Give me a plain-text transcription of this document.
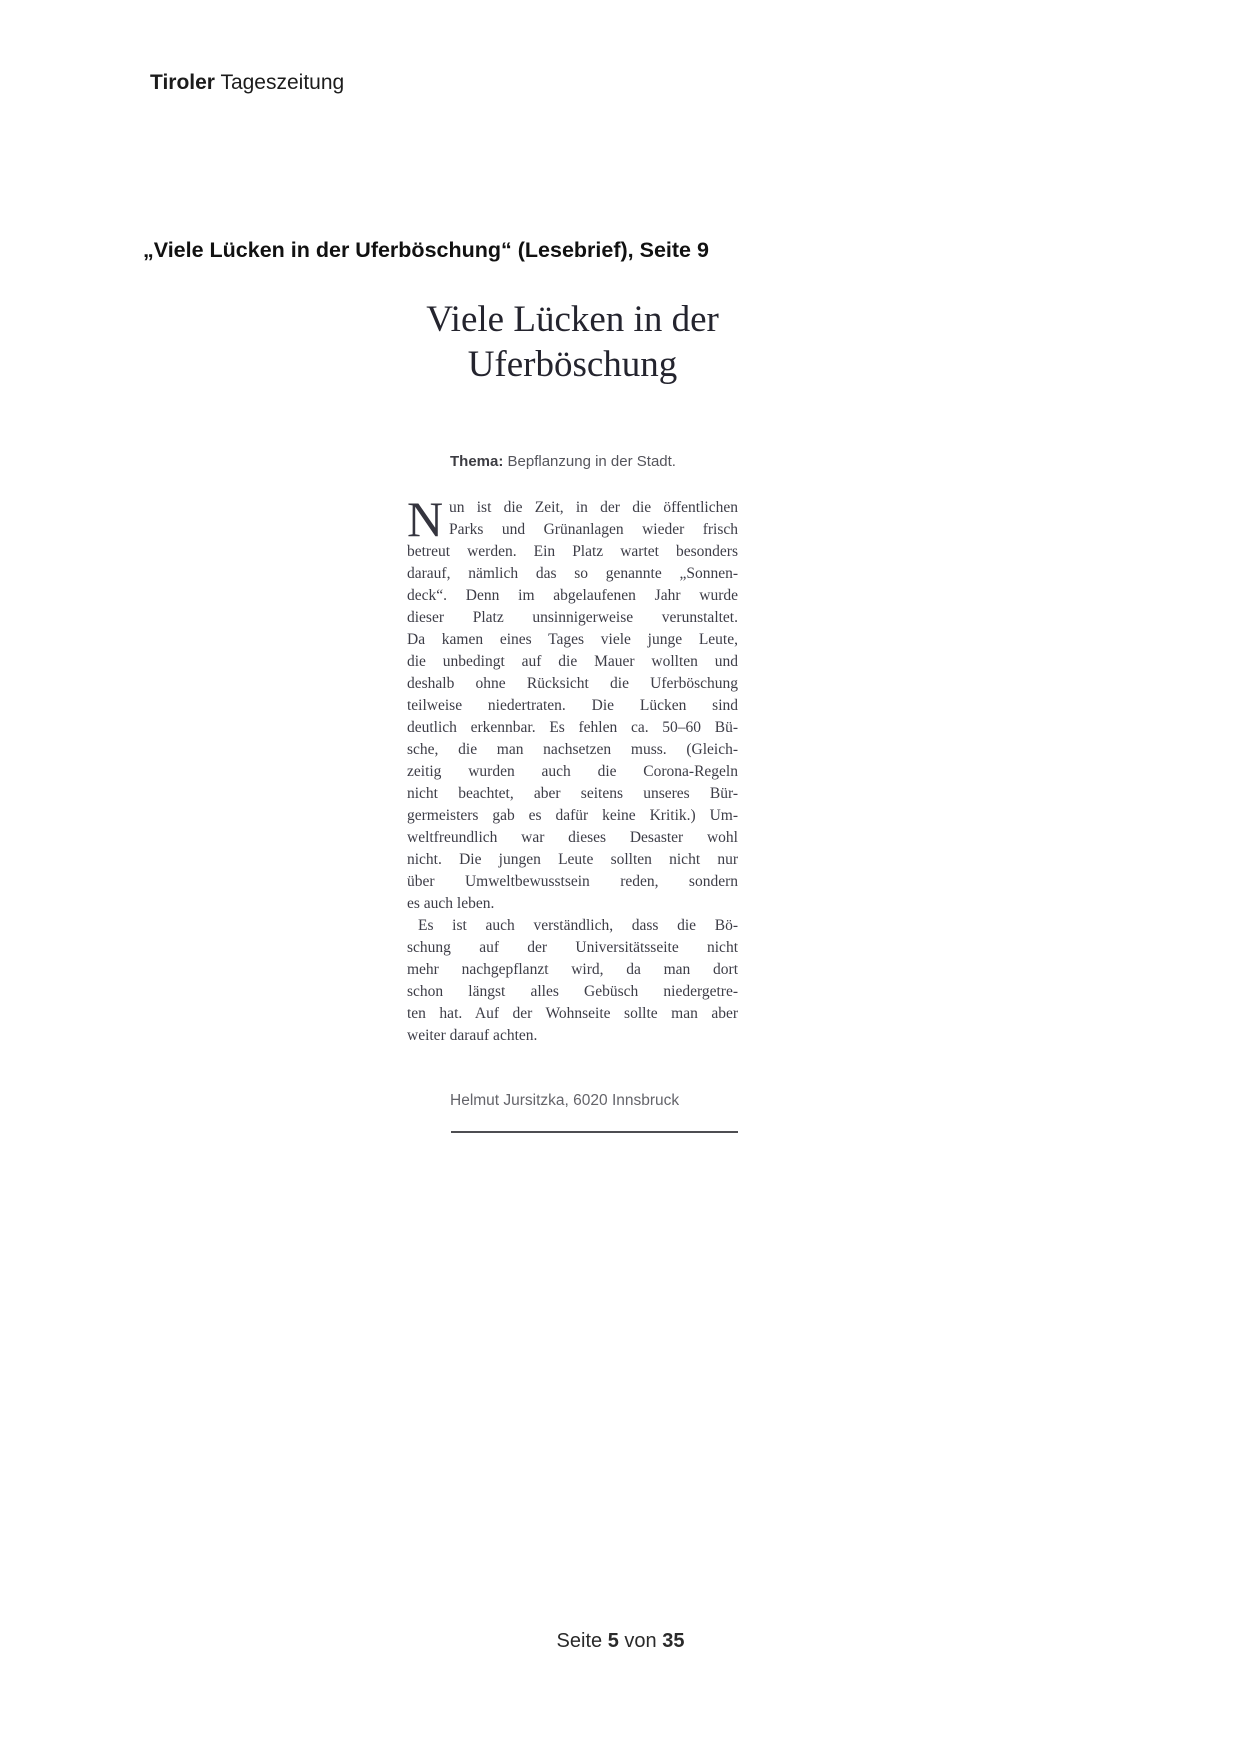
Tiroler Tageszeitung
„Viele Lücken in der Uferböschung“ (Lesebrief), Seite 9
Viele Lücken in der
Uferböschung
Thema: Bepflanzung in der Stadt.
N un ist die Zeit, in der die öffentlichen
Parks und Grünanlagen wieder frisch
betreut werden. Ein Platz wartet besonders
darauf, nämlich das so genannte „Sonnen-
deck“. Denn im abgelaufenen Jahr wurde
dieser Platz unsinnigerweise verunstaltet.
Da kamen eines Tages viele junge Leute,
die unbedingt auf die Mauer wollten und
deshalb ohne Rücksicht die Uferböschung
teilweise niedertraten. Die Lücken sind
deutlich erkennbar. Es fehlen ca. 50–60 Bü-
sche, die man nachsetzen muss. (Gleich-
zeitig wurden auch die Corona-Regeln
nicht beachtet, aber seitens unseres Bür-
germeisters gab es dafür keine Kritik.) Um-
weltfreundlich war dieses Desaster wohl
nicht. Die jungen Leute sollten nicht nur
über Umweltbewusstsein reden, sondern
es auch leben.
Es ist auch verständlich, dass die Bö-
schung auf der Universitätsseite nicht
mehr nachgepflanzt wird, da man dort
schon längst alles Gebüsch niedergetre-
ten hat. Auf der Wohnseite sollte man aber
weiter darauf achten.
Helmut Jursitzka, 6020 Innsbruck
Seite 5 von 35
